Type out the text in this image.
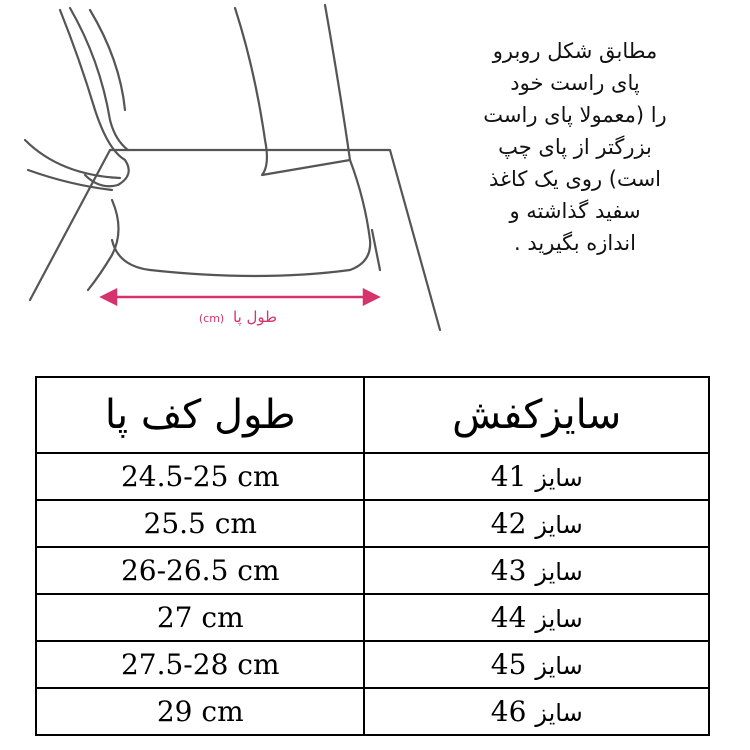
(cm) طول پا
مطابق شکل روبرو
پای راست خود
را (معمولا پای راست
بزرگتر از پای چپ
است) روی یک کاغذ
سفید گذاشته و
اندازه بگیرید .
طول کف پا	سایزکفش
24.5-25 cm	سایز 41
25.5 cm	سایز 42
26-26.5 cm	سایز 43
27 cm	سایز 44
27.5-28 cm	سایز 45
29 cm	سایز 46
